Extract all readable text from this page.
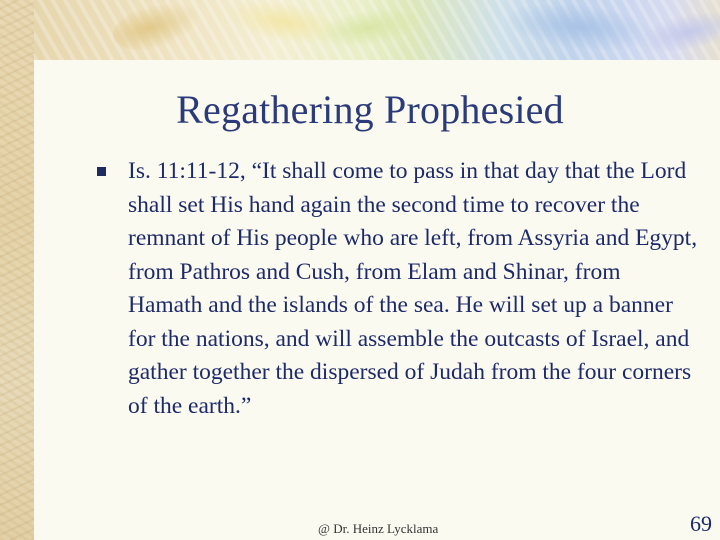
Regathering Prophesied
Is. 11:11-12, “It shall come to pass in that day that the Lord shall set His hand again the second time to recover the remnant of His people who are left, from Assyria and Egypt, from Pathros and Cush, from Elam and Shinar, from Hamath and the islands of the sea. He will set up a banner for the nations, and will assemble the outcasts of Israel, and gather together the dispersed of Judah from the four corners of the earth.”
@ Dr. Heinz Lycklama	69
